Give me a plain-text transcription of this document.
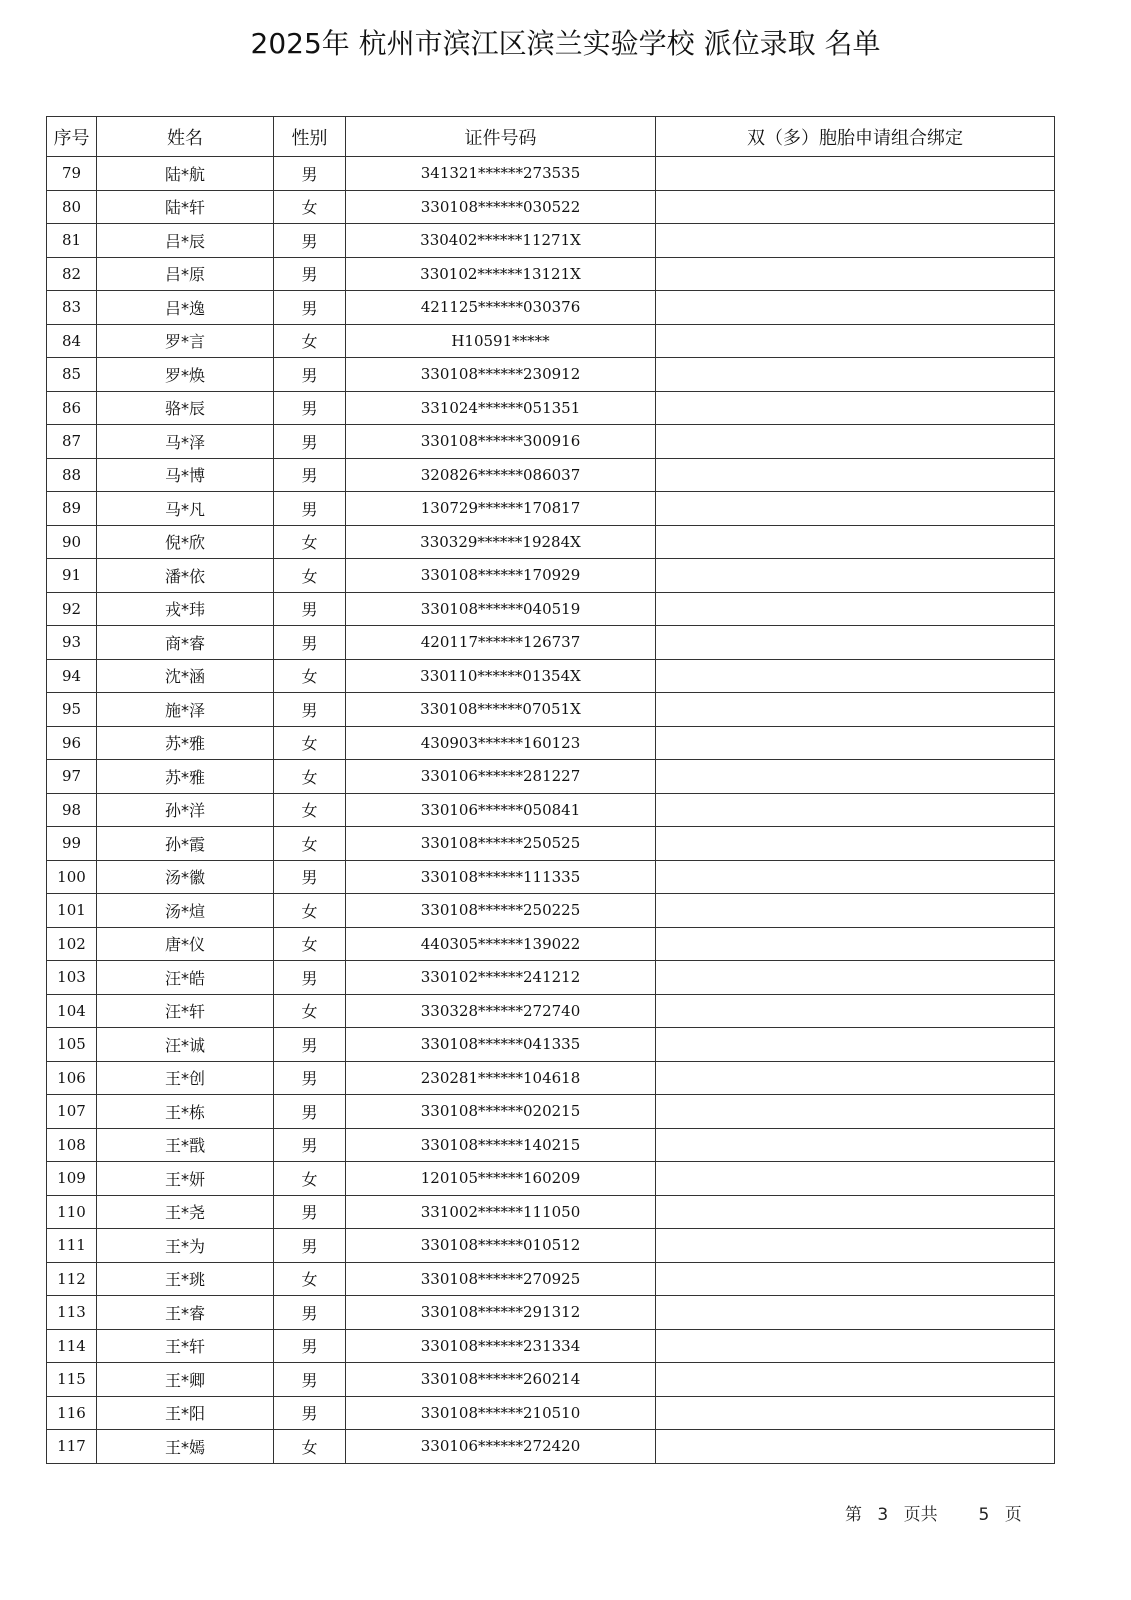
2025年 杭州市滨江区滨兰实验学校 派位录取 名单
序号	姓名	性别	证件号码	双（多）胞胎申请组合绑定
79	陆*航	男	341321******273535	
80	陆*轩	女	330108******030522	
81	吕*辰	男	330402******11271X	
82	吕*原	男	330102******13121X	
83	吕*逸	男	421125******030376	
84	罗*言	女	H10591*****	
85	罗*焕	男	330108******230912	
86	骆*辰	男	331024******051351	
87	马*泽	男	330108******300916	
88	马*博	男	320826******086037	
89	马*凡	男	130729******170817	
90	倪*欣	女	330329******19284X	
91	潘*依	女	330108******170929	
92	戎*玮	男	330108******040519	
93	商*睿	男	420117******126737	
94	沈*涵	女	330110******01354X	
95	施*泽	男	330108******07051X	
96	苏*雅	女	430903******160123	
97	苏*雅	女	330106******281227	
98	孙*洋	女	330106******050841	
99	孙*霞	女	330108******250525	
100	汤*徽	男	330108******111335	
101	汤*煊	女	330108******250225	
102	唐*仪	女	440305******139022	
103	汪*皓	男	330102******241212	
104	汪*轩	女	330328******272740	
105	汪*诚	男	330108******041335	
106	王*创	男	230281******104618	
107	王*栋	男	330108******020215	
108	王*戬	男	330108******140215	
109	王*妍	女	120105******160209	
110	王*尧	男	331002******111050	
111	王*为	男	330108******010512	
112	王*珧	女	330108******270925	
113	王*睿	男	330108******291312	
114	王*轩	男	330108******231334	
115	王*卿	男	330108******260214	
116	王*阳	男	330108******210510	
117	王*嫣	女	330106******272420	
第 3 页共 5 页
